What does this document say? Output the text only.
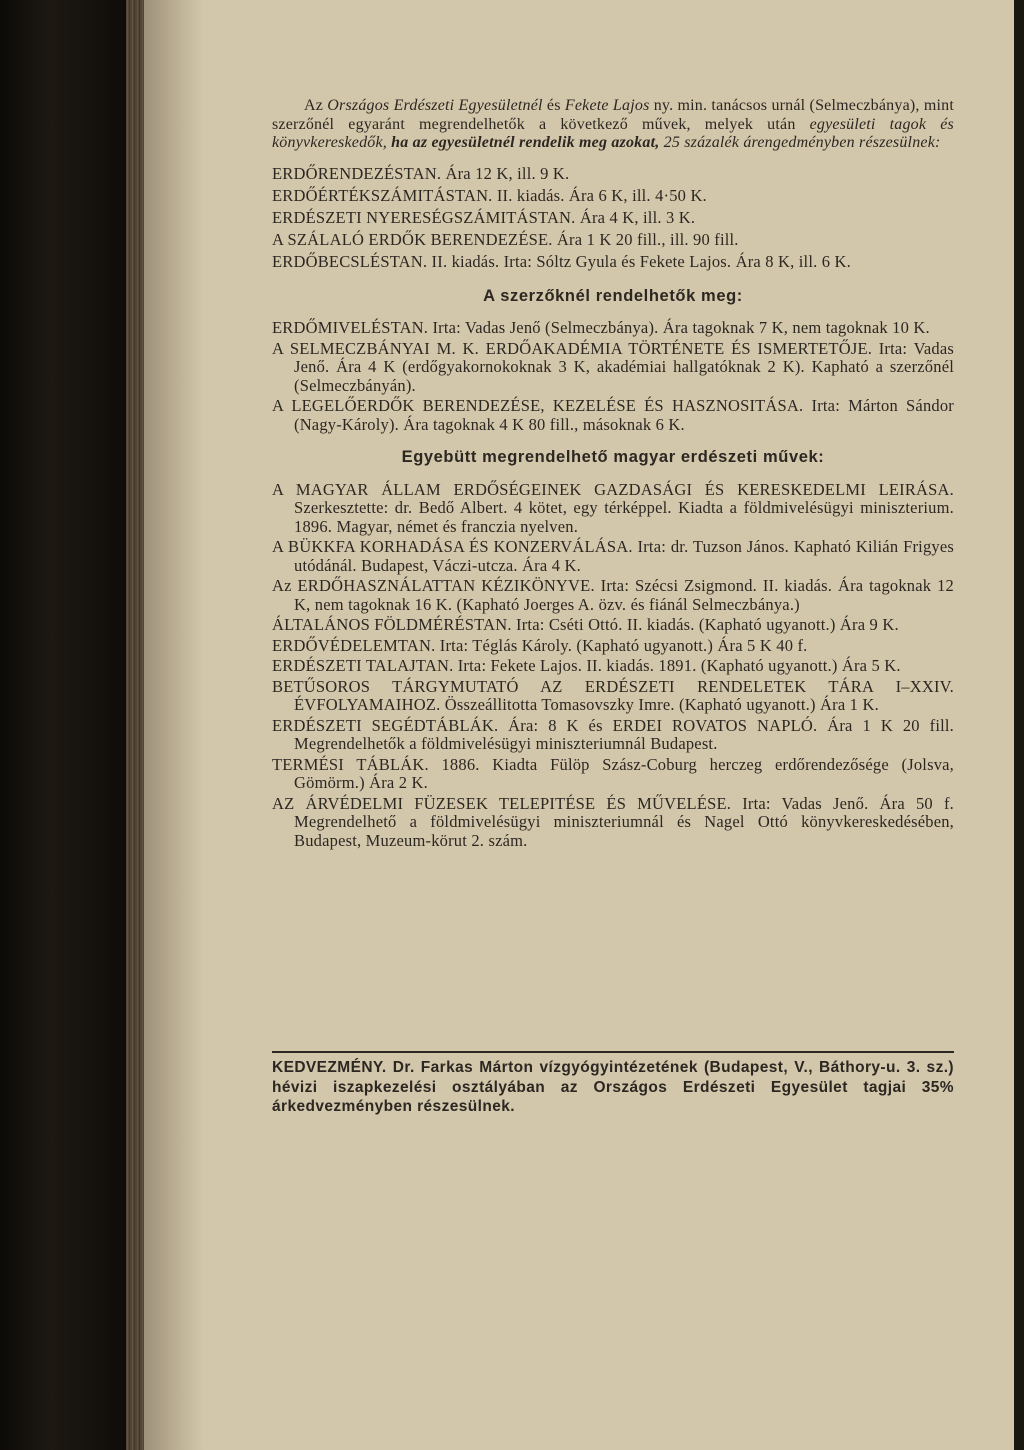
Az Országos Erdészeti Egyesületnél és Fekete Lajos ny. min. tanácsos urnál (Selmeczbánya), mint szerzőnél egyaránt megrendelhetők a következő művek, melyek után egyesületi tagok és könyvkereskedők, ha az egyesületnél rendelik meg azokat, 25 százalék árengedményben részesülnek:

ERDŐRENDEZÉSTAN. Ára 12 K, ill. 9 K.
ERDŐÉRTÉKSZÁMITÁSTAN. II. kiadás. Ára 6 K, ill. 4·50 K.
ERDÉSZETI NYERESÉGSZÁMITÁSTAN. Ára 4 K, ill. 3 K.
A SZÁLALÓ ERDŐK BERENDEZÉSE. Ára 1 K 20 fill., ill. 90 fill.
ERDŐBECSLÉSTAN. II. kiadás. Irta: Sóltz Gyula és Fekete Lajos. Ára 8 K, ill. 6 K.
A szerzőknél rendelhetők meg:
ERDŐMIVELÉSTAN. Irta: Vadas Jenő (Selmeczbánya). Ára tagoknak 7 K, nem tagoknak 10 K.
A SELMECZBÁNYAI M. K. ERDŐAKADÉMIA TÖRTÉNETE ÉS ISMERTETŐJE. Irta: Vadas Jenő. Ára 4 K (erdőgyakornokoknak 3 K, akadémiai hallgatóknak 2 K). Kapható a szerzőnél (Selmeczbányán).
A LEGELŐERDŐK BERENDEZÉSE, KEZELÉSE ÉS HASZNOSITÁSA. Irta: Márton Sándor (Nagy-Károly). Ára tagoknak 4 K 80 fill., másoknak 6 K.
Egyebütt megrendelhető magyar erdészeti művek:
A MAGYAR ÁLLAM ERDŐSÉGEINEK GAZDASÁGI ÉS KERESKEDELMI LEIRÁSA. Szerkesztette: dr. Bedő Albert. 4 kötet, egy térképpel. Kiadta a földmivelésügyi miniszterium. 1896. Magyar, német és franczia nyelven.
A BÜKKFA KORHADÁSA ÉS KONZERVÁLÁSA. Irta: dr. Tuzson János. Kapható Kilián Frigyes utódánál. Budapest, Váczi-utcza. Ára 4 K.
Az ERDŐHASZNÁLATTAN KÉZIKÖNYVE. Irta: Szécsi Zsigmond. II. kiadás. Ára tagoknak 12 K, nem tagoknak 16 K. (Kapható Joerges A. özv. és fiánál Selmeczbánya.)
ÁLTALÁNOS FÖLDMÉRÉSTAN. Irta: Cséti Ottó. II. kiadás. (Kapható ugyanott.) Ára 9 K.
ERDŐVÉDELEMTAN. Irta: Téglás Károly. (Kapható ugyanott.) Ára 5 K 40 f.
ERDÉSZETI TALAJTAN. Irta: Fekete Lajos. II. kiadás. 1891. (Kapható ugyanott.) Ára 5 K.
BETŰSOROS TÁRGYMUTATÓ AZ ERDÉSZETI RENDELETEK TÁRA I–XXIV. ÉVFOLYAMAIHOZ. Összeállitotta Tomasovszky Imre. (Kapható ugyanott.) Ára 1 K.
ERDÉSZETI SEGÉDTÁBLÁK. Ára: 8 K és ERDEI ROVATOS NAPLÓ. Ára 1 K 20 fill. Megrendelhetők a földmivelésügyi miniszteriumnál Budapest.
TERMÉSI TÁBLÁK. 1886. Kiadta Fülöp Szász-Coburg herczeg erdőrendezősége (Jolsva, Gömörm.) Ára 2 K.
AZ ÁRVÉDELMI FÜZESEK TELEPITÉSE ÉS MŰVELÉSE. Irta: Vadas Jenő. Ára 50 f. Megrendelhető a földmivelésügyi miniszteriumnál és Nagel Ottó könyvkereskedésében, Budapest, Muzeum-körut 2. szám.
KEDVEZMÉNY. Dr. Farkas Márton vízgyógyintézetének (Budapest, V., Báthory-u. 3. sz.) hévizi iszapkezelési osztályában az Országos Erdészeti Egyesület tagjai 35% árkedvezményben részesülnek.
